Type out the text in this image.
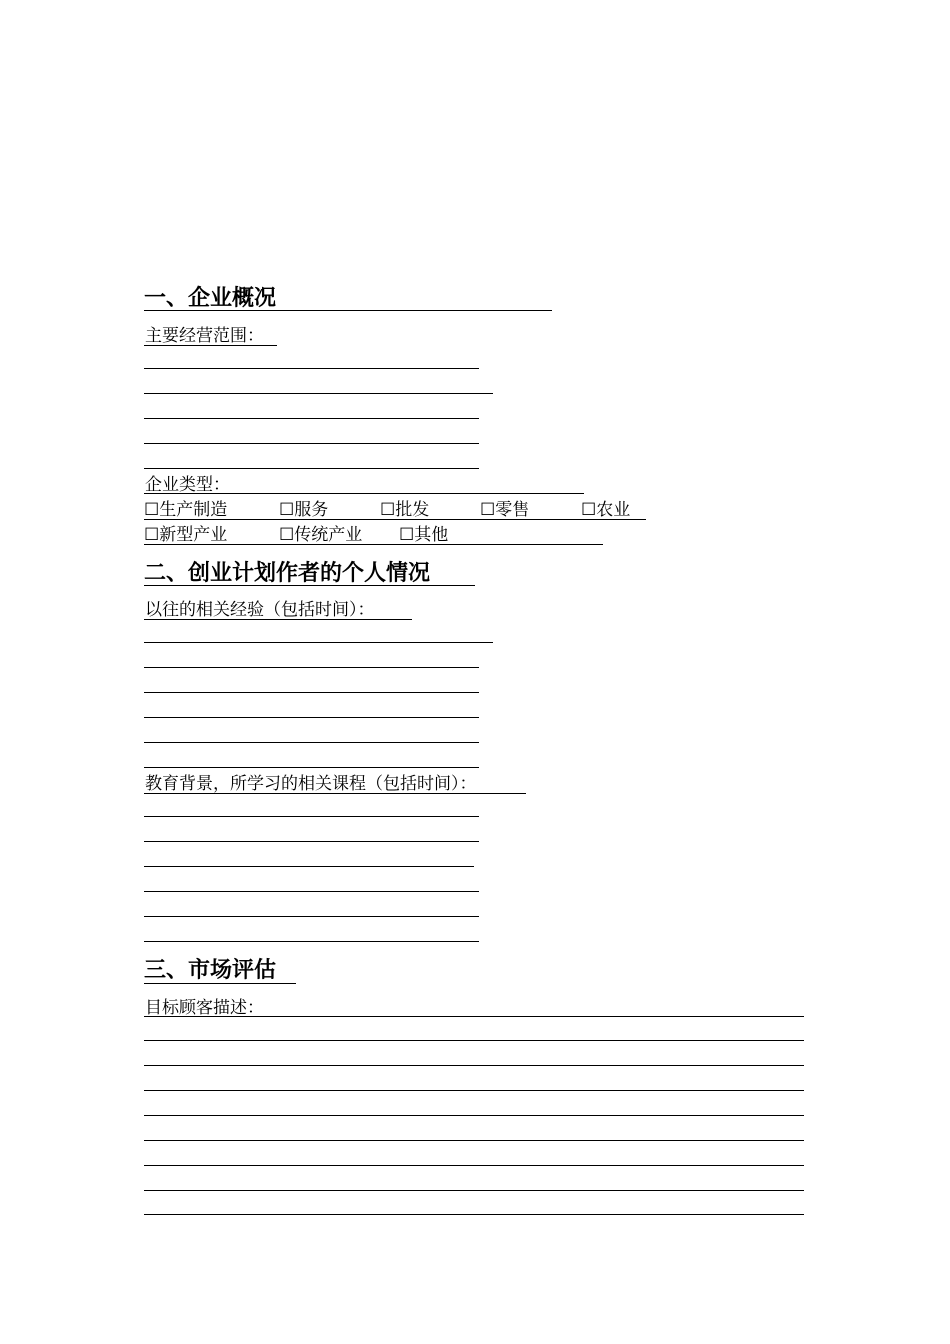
一、企业概况
主要经营范围：
企业类型：
☐生产制造	☐服务	☐批发	☐零售	☐农业
☐新型产业	☐传统产业 ☐其他
二、创业计划作者的个人情况
以往的相关经验（包括时间）：
教育背景，所学习的相关课程（包括时间）：
三、市场评估
目标顾客描述：
